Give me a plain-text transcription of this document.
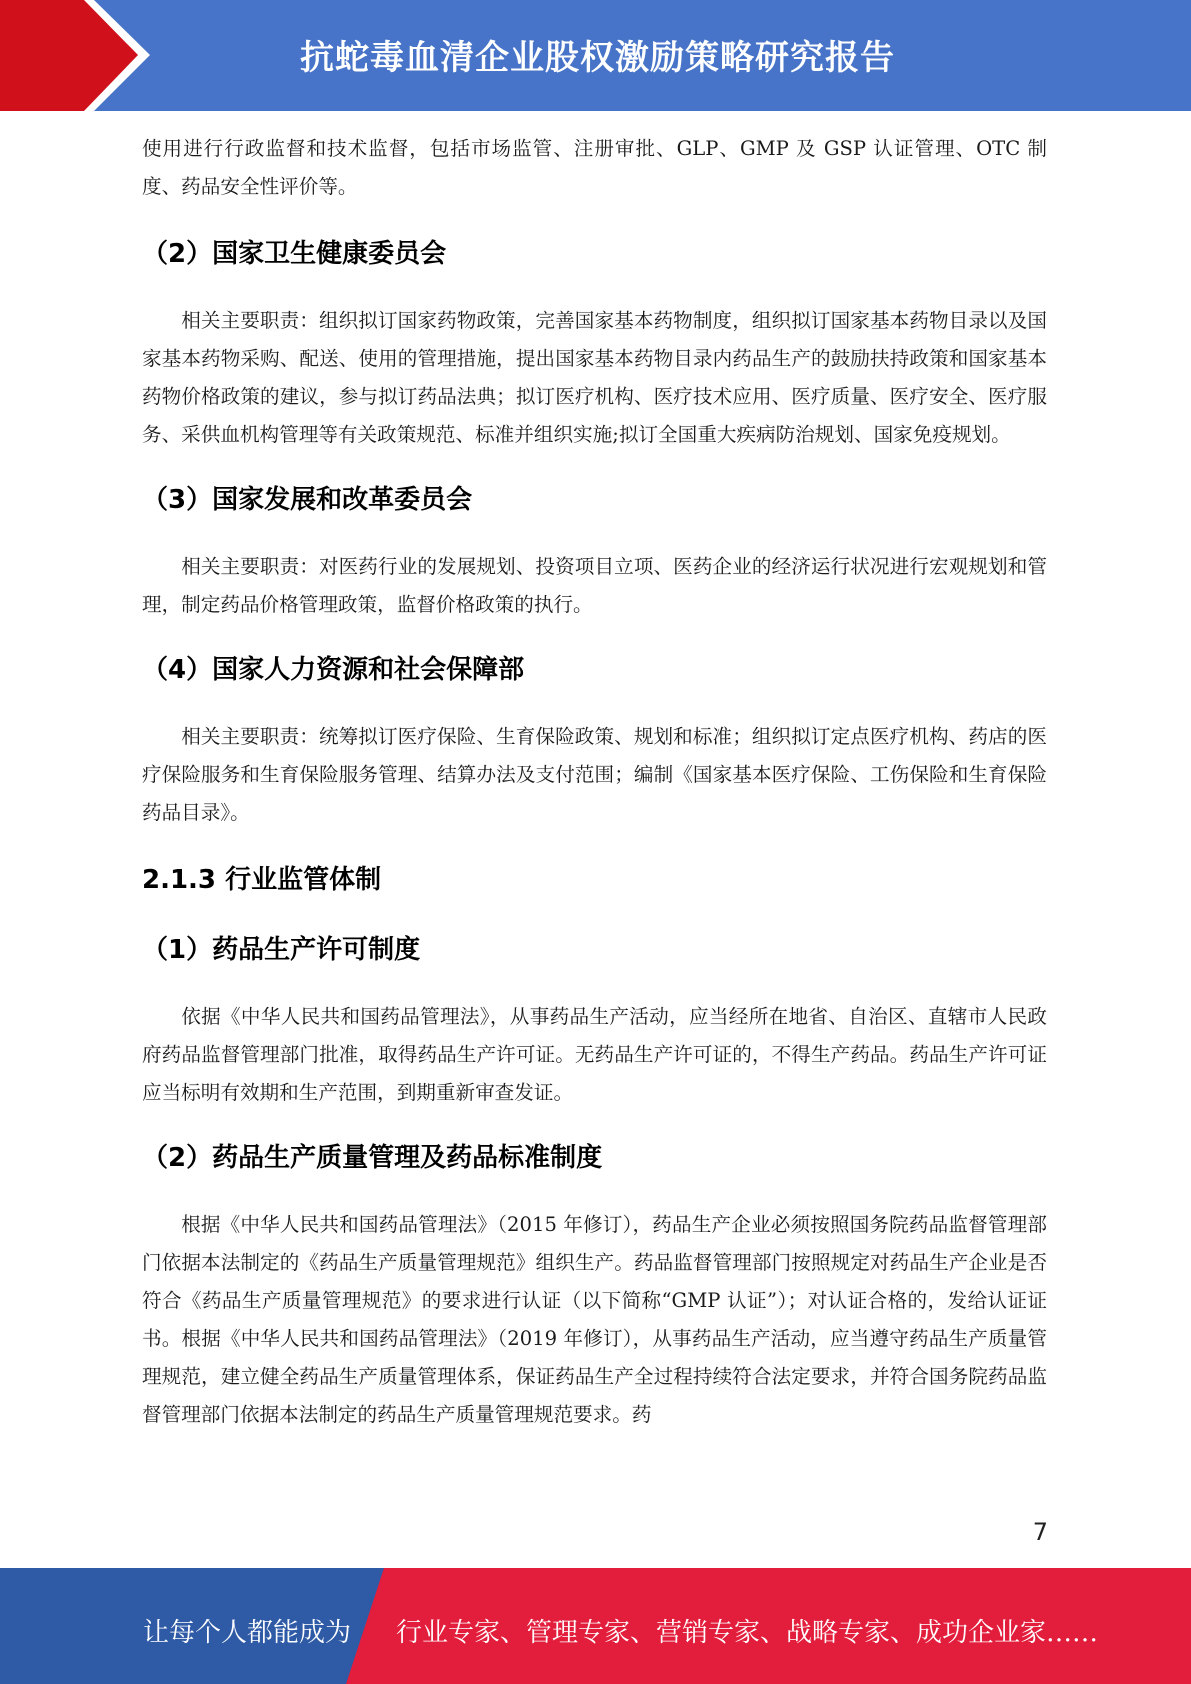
抗蛇毒血清企业股权激励策略研究报告

使用进行行政监督和技术监督，包括市场监管、注册审批、GLP、GMP 及 GSP 认证管理、OTC 制度、药品安全性评价等。

（2）国家卫生健康委员会

相关主要职责：组织拟订国家药物政策，完善国家基本药物制度，组织拟订国家基本药物目录以及国家基本药物采购、配送、使用的管理措施，提出国家基本药物目录内药品生产的鼓励扶持政策和国家基本药物价格政策的建议，参与拟订药品法典；拟订医疗机构、医疗技术应用、医疗质量、医疗安全、医疗服务、采供血机构管理等有关政策规范、标准并组织实施;拟订全国重大疾病防治规划、国家免疫规划。

（3）国家发展和改革委员会

相关主要职责：对医药行业的发展规划、投资项目立项、医药企业的经济运行状况进行宏观规划和管理，制定药品价格管理政策，监督价格政策的执行。

（4）国家人力资源和社会保障部

相关主要职责：统筹拟订医疗保险、生育保险政策、规划和标准；组织拟订定点医疗机构、药店的医疗保险服务和生育保险服务管理、结算办法及支付范围；编制《国家基本医疗保险、工伤保险和生育保险药品目录》。

2.1.3 行业监管体制
（1）药品生产许可制度

依据《中华人民共和国药品管理法》，从事药品生产活动，应当经所在地省、自治区、直辖市人民政府药品监督管理部门批准，取得药品生产许可证。无药品生产许可证的，不得生产药品。药品生产许可证应当标明有效期和生产范围，到期重新审查发证。

（2）药品生产质量管理及药品标准制度

根据《中华人民共和国药品管理法》（2015 年修订），药品生产企业必须按照国务院药品监督管理部门依据本法制定的《药品生产质量管理规范》组织生产。药品监督管理部门按照规定对药品生产企业是否符合《药品生产质量管理规范》的要求进行认证（以下简称“GMP 认证”）；对认证合格的，发给认证证书。根据《中华人民共和国药品管理法》（2019 年修订），从事药品生产活动，应当遵守药品生产质量管理规范，建立健全药品生产质量管理体系，保证药品生产全过程持续符合法定要求，并符合国务院药品监督管理部门依据本法制定的药品生产质量管理规范要求。药

7
让每个人都能成为 行业专家、管理专家、营销专家、战略专家、成功企业家……
